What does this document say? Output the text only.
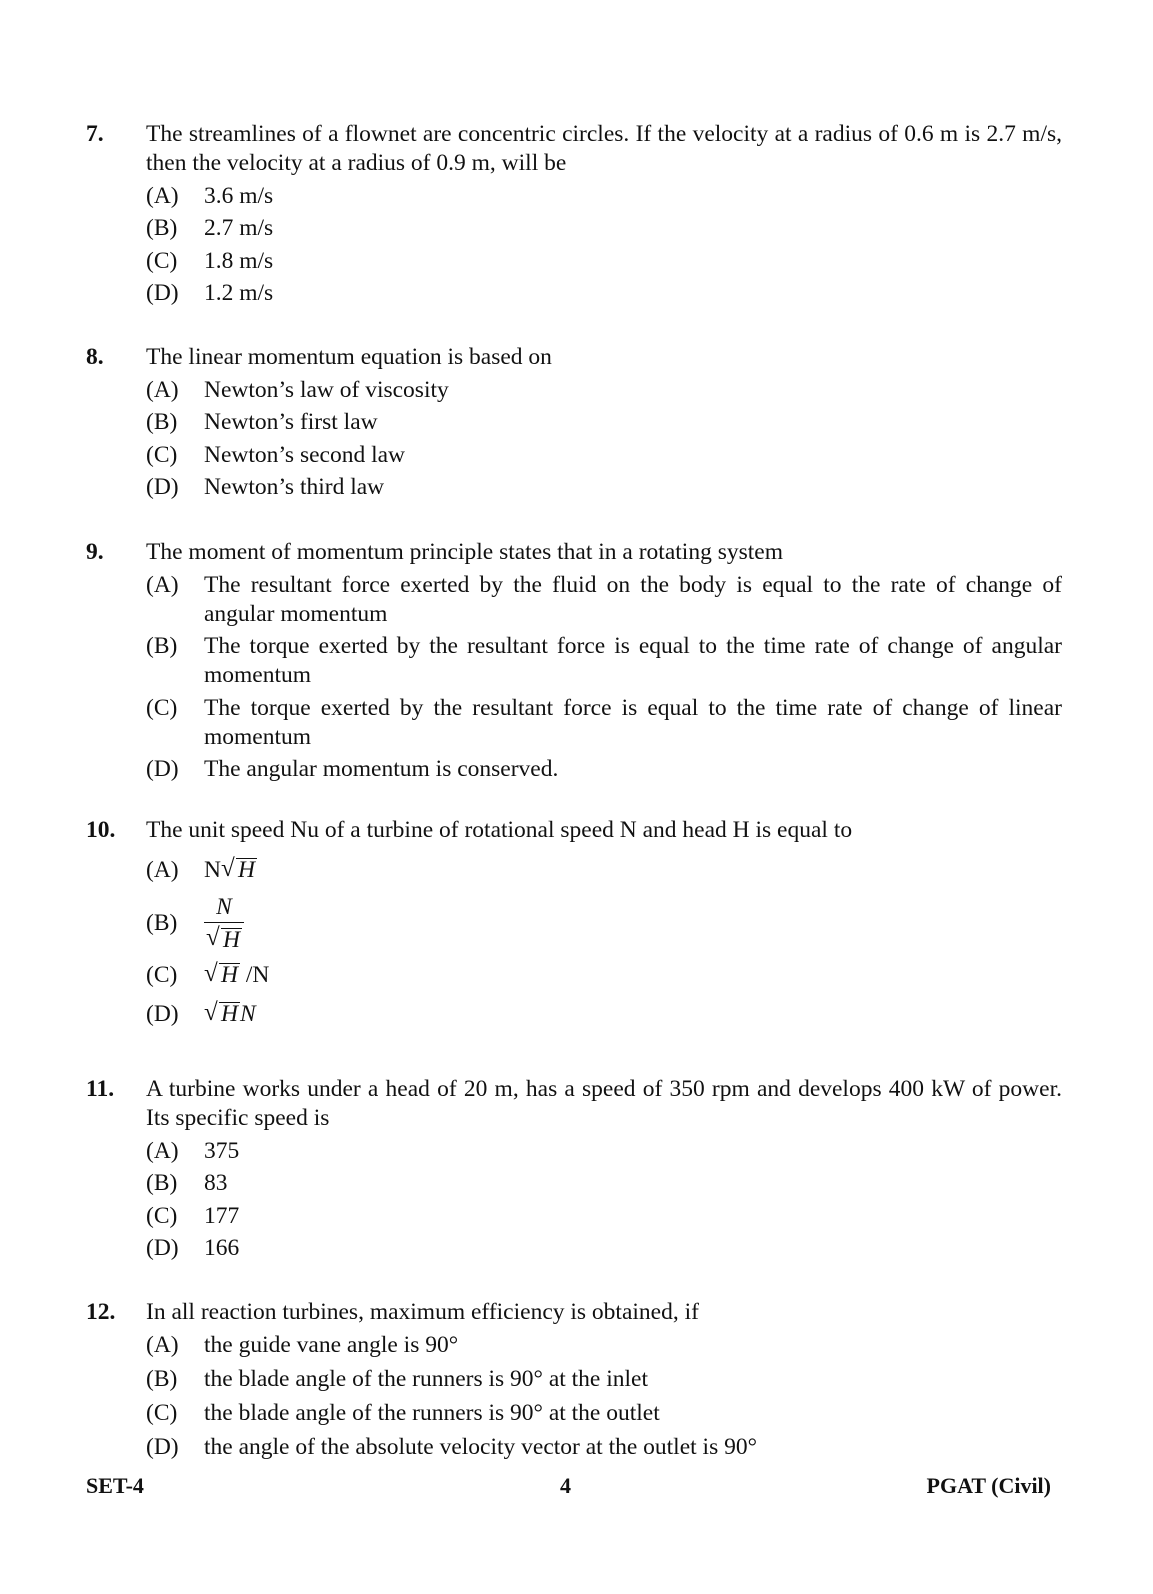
7. The streamlines of a flownet are concentric circles. If the velocity at a radius of 0.6 m is 2.7 m/s, then the velocity at a radius of 0.9 m, will be
(A) 3.6 m/s
(B) 2.7 m/s
(C) 1.8 m/s
(D) 1.2 m/s
8. The linear momentum equation is based on
(A) Newton’s law of viscosity
(B) Newton’s first law
(C) Newton’s second law
(D) Newton’s third law
9. The moment of momentum principle states that in a rotating system
(A) The resultant force exerted by the fluid on the body is equal to the rate of change of angular momentum
(B) The torque exerted by the resultant force is equal to the time rate of change of angular momentum
(C) The torque exerted by the resultant force is equal to the time rate of change of linear momentum
(D) The angular momentum is conserved.
10. The unit speed Nu of a turbine of rotational speed N and head H is equal to
(A)	N √ H
(B)	$\frac{N}{√ H}$
(C)	√ H /N
(D)	√ HN
11. A turbine works under a head of 20 m, has a speed of 350 rpm and develops 400 kW of power. Its specific speed is
(A) 375
(B) 83
(C) 177
(D) 166
12. In all reaction turbines, maximum efficiency is obtained, if
(A) the guide vane angle is 90°
(B) the blade angle of the runners is 90° at the inlet
(C) the blade angle of the runners is 90° at the outlet
(D) the angle of the absolute velocity vector at the outlet is 90°
SET-4	4	PGAT (Civil)
